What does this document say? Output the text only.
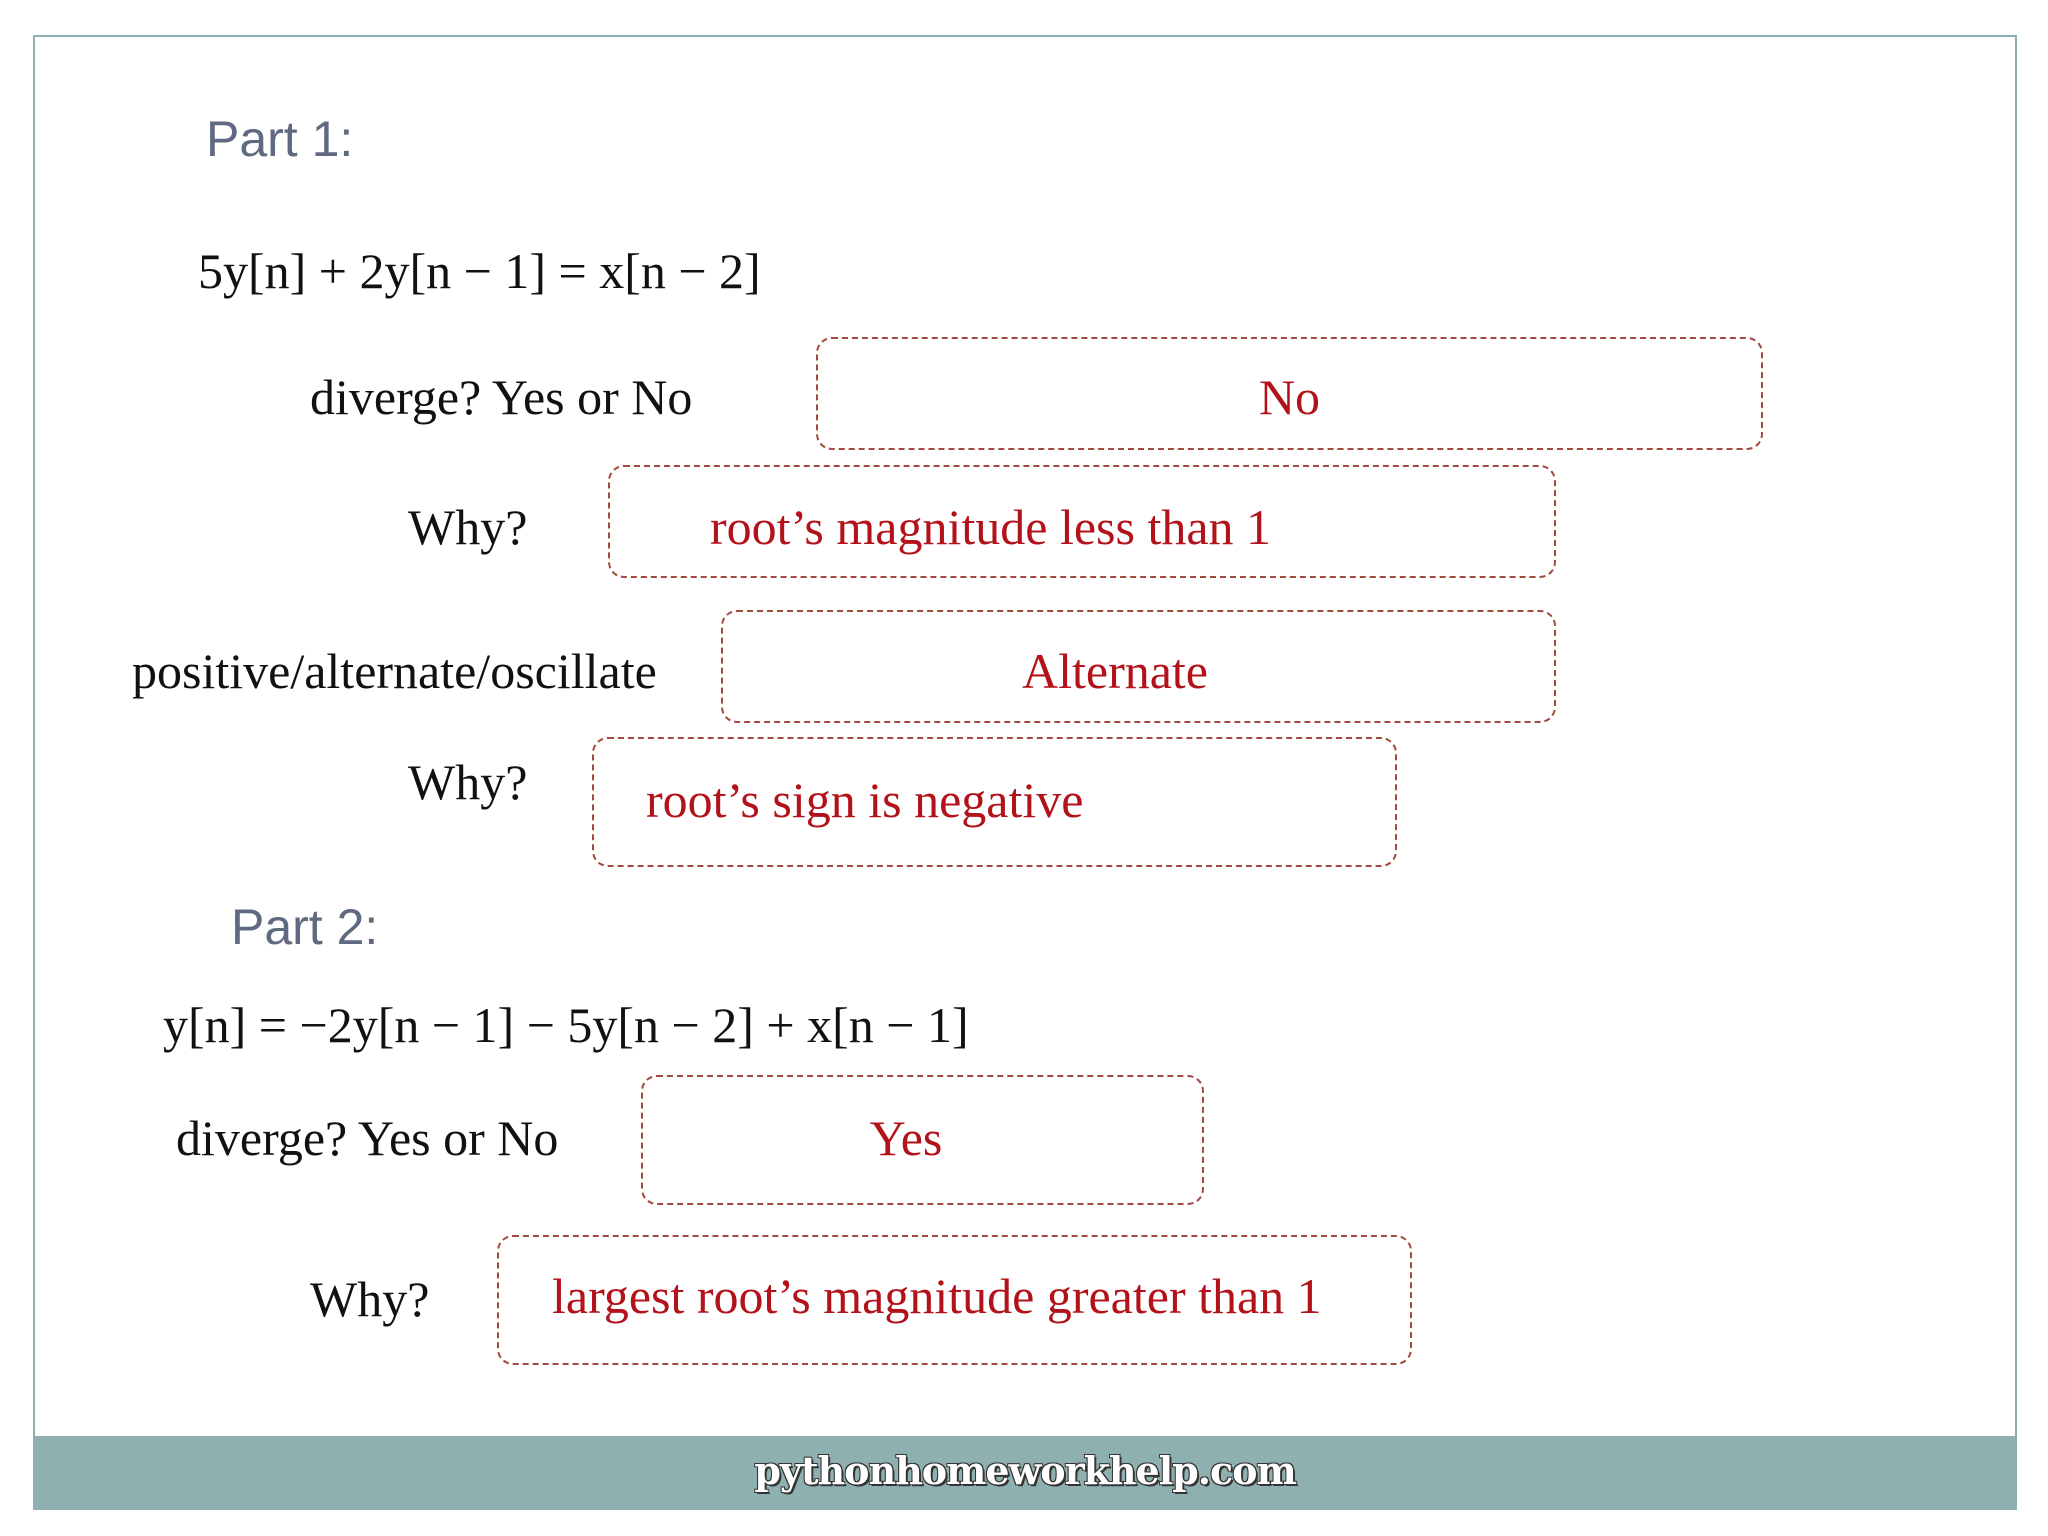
Part 1:
5y[n] + 2y[n − 1] = x[n − 2]
diverge? Yes or No	No
Why?	root’s magnitude less than 1
positive/alternate/oscillate	Alternate
Why? root’s sign is negative
Part 2:
y[n] = −2y[n − 1] − 5y[n − 2] + x[n − 1]
diverge? Yes or No	Yes
Why? largest root’s magnitude greater than 1
pythonhomeworkhelp.com
